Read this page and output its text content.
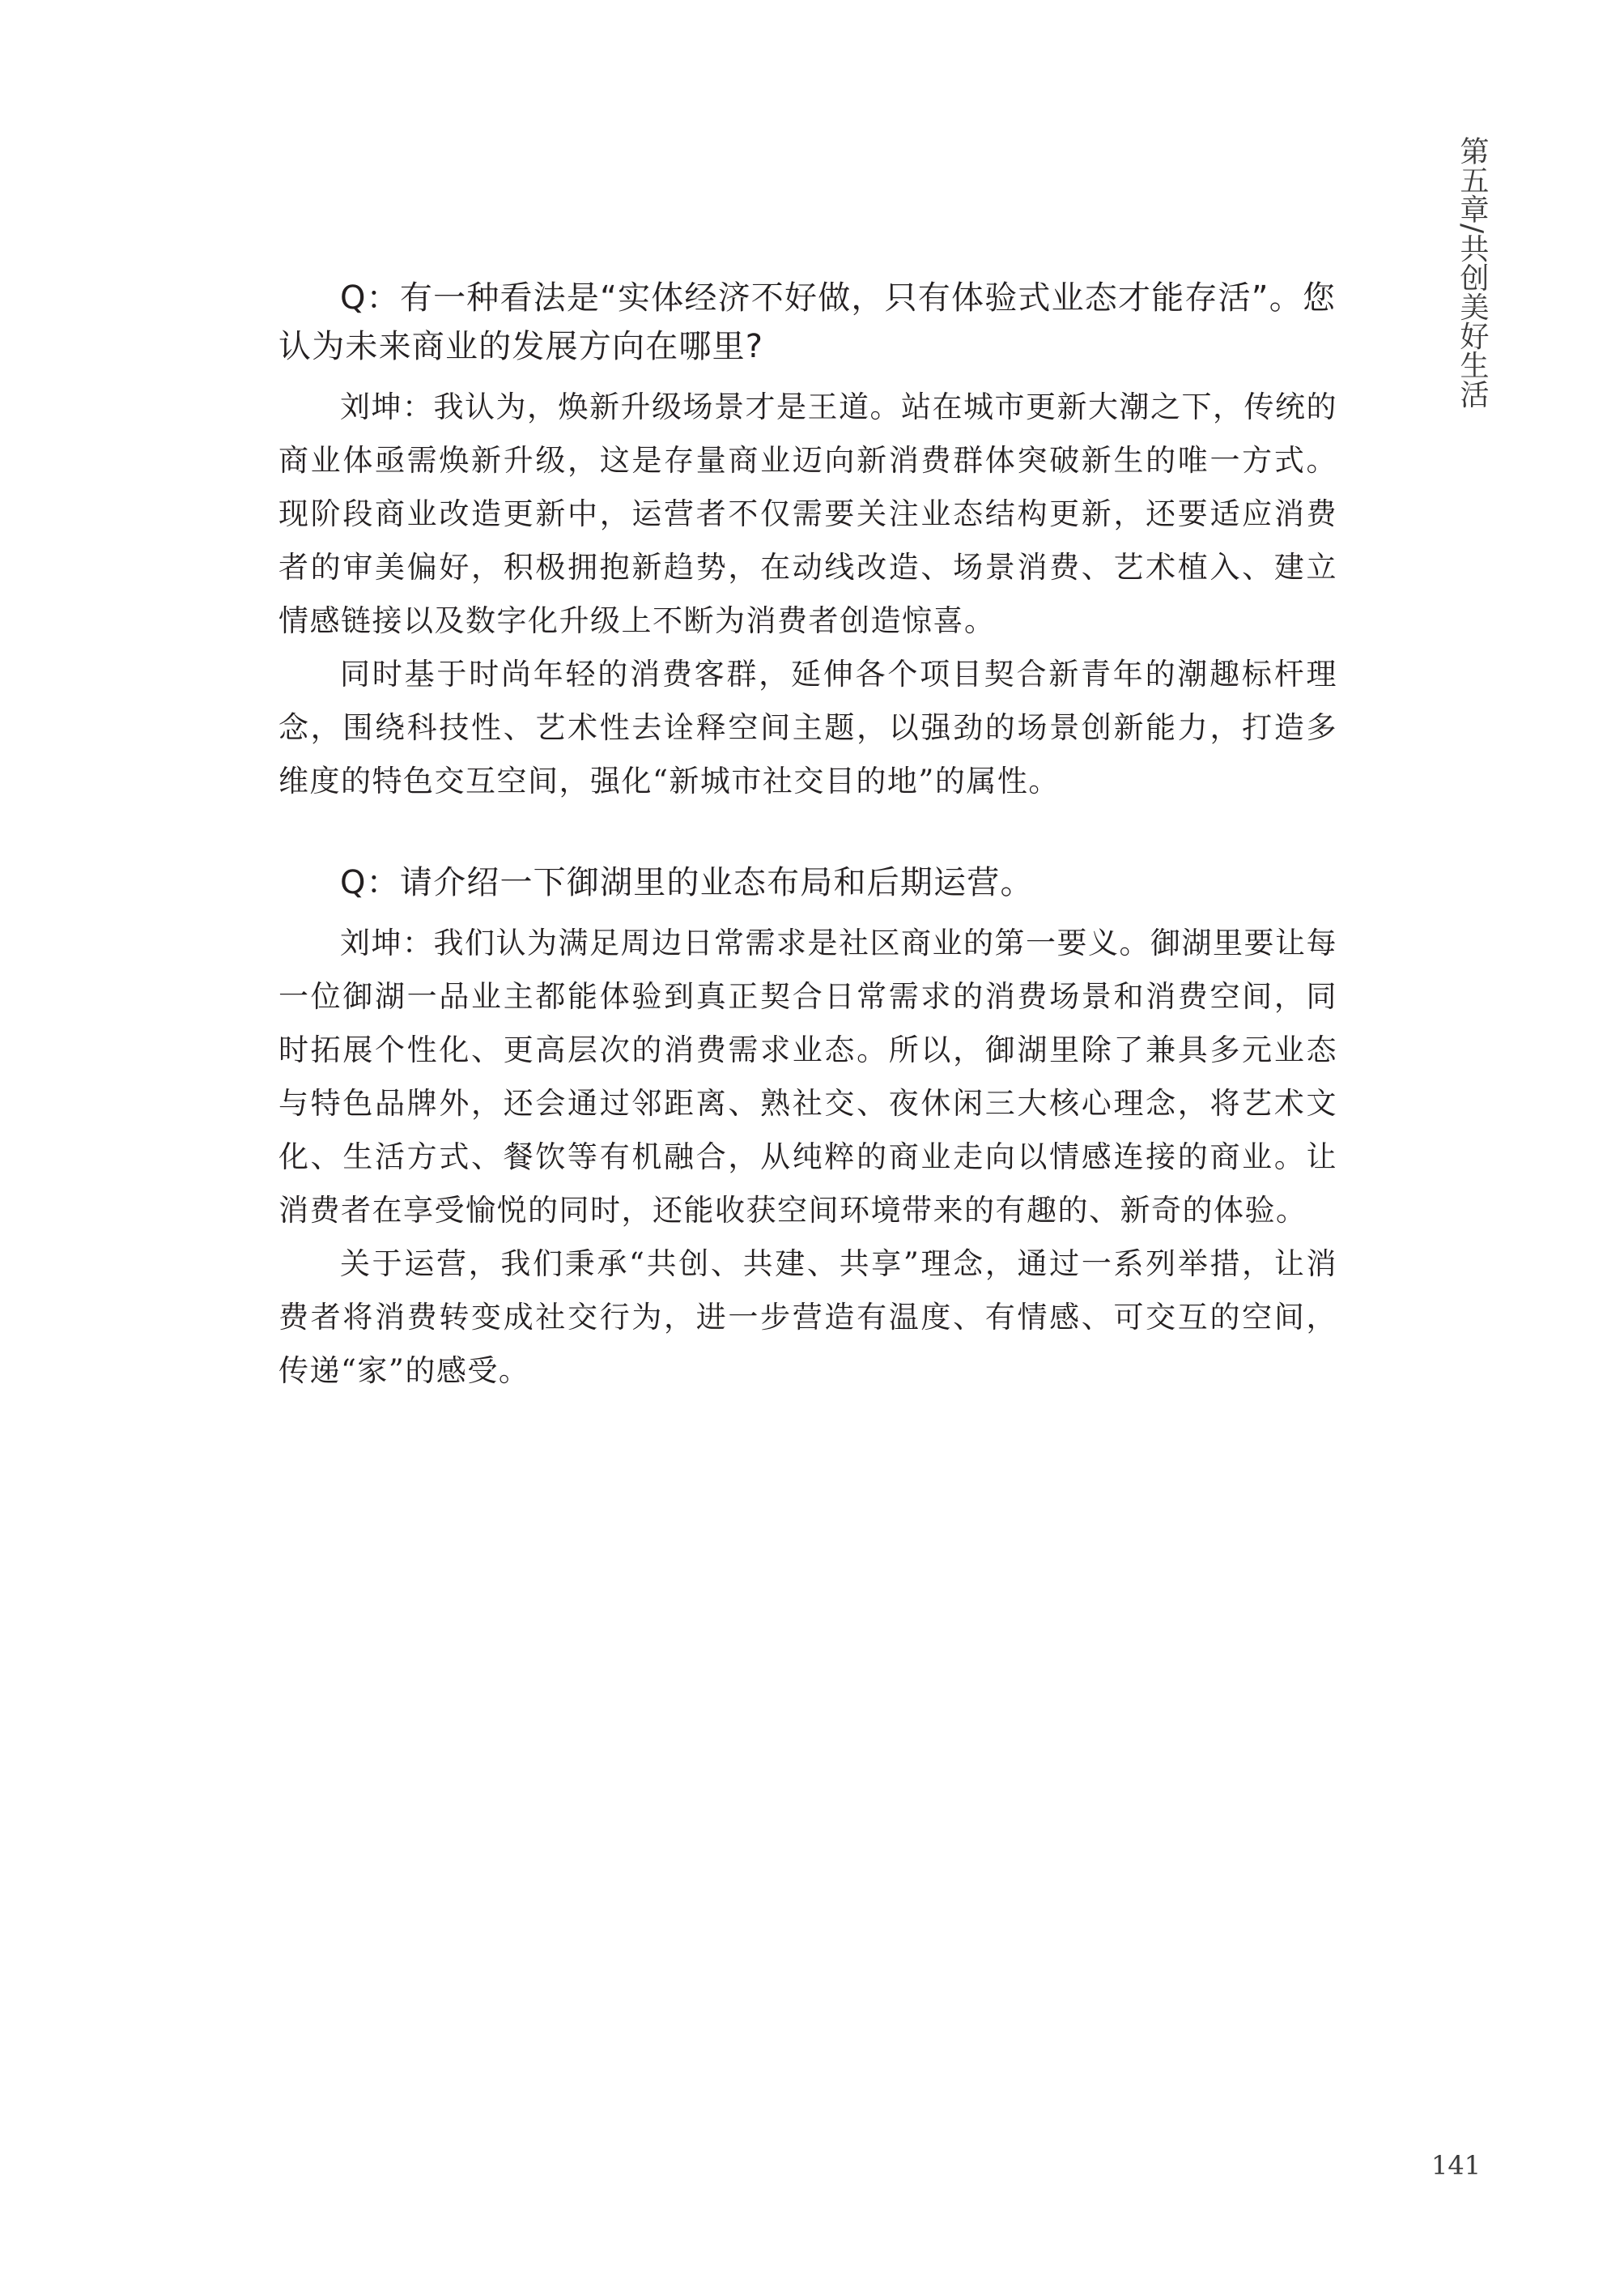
第五章/共创美好生活

Q：有一种看法是“实体经济不好做，只有体验式业态才能存活”。您认为未来商业的发展方向在哪里?

刘坤：我认为，焕新升级场景才是王道。站在城市更新大潮之下，传统的商业体亟需焕新升级，这是存量商业迈向新消费群体突破新生的唯一方式。现阶段商业改造更新中，运营者不仅需要关注业态结构更新，还要适应消费者的审美偏好，积极拥抱新趋势，在动线改造、场景消费、艺术植入、建立情感链接以及数字化升级上不断为消费者创造惊喜。

同时基于时尚年轻的消费客群，延伸各个项目契合新青年的潮趣标杆理念，围绕科技性、艺术性去诠释空间主题，以强劲的场景创新能力，打造多维度的特色交互空间，强化“新城市社交目的地”的属性。

Q：请介绍一下御湖里的业态布局和后期运营。

刘坤：我们认为满足周边日常需求是社区商业的第一要义。御湖里要让每一位御湖一品业主都能体验到真正契合日常需求的消费场景和消费空间，同时拓展个性化、更高层次的消费需求业态。所以，御湖里除了兼具多元业态与特色品牌外，还会通过邻距离、熟社交、夜休闲三大核心理念，将艺术文化、生活方式、餐饮等有机融合，从纯粹的商业走向以情感连接的商业。让消费者在享受愉悦的同时，还能收获空间环境带来的有趣的、新奇的体验。

关于运营，我们秉承“共创、共建、共享”理念，通过一系列举措，让消费者将消费转变成社交行为，进一步营造有温度、有情感、可交互的空间，传递“家”的感受。

141
